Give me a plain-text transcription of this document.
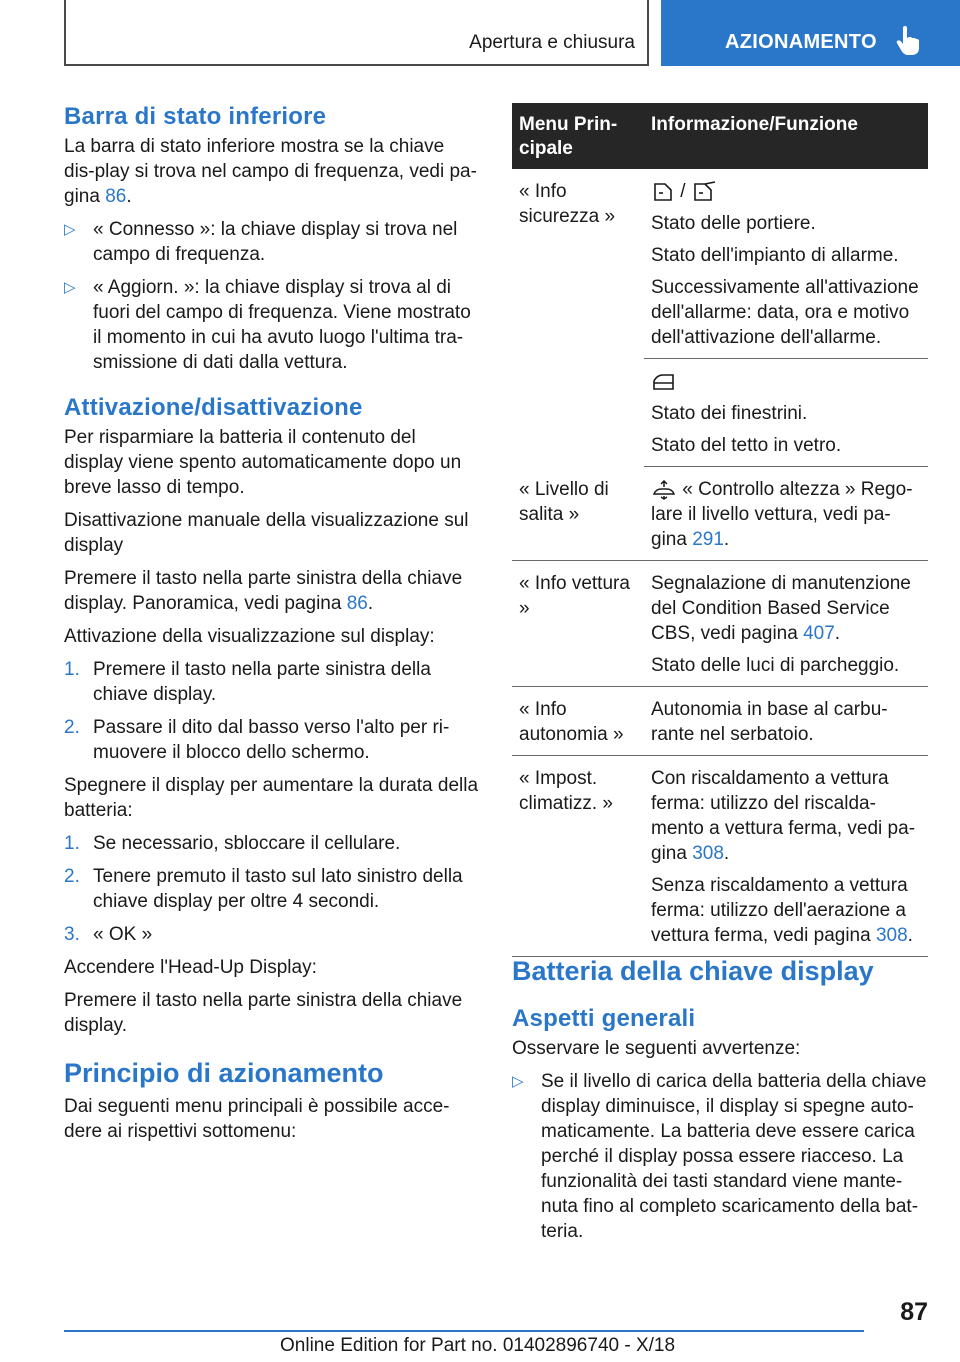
Apertura e chiusura	AZIONAMENTO
Barra di stato inferiore

La barra di stato inferiore mostra se la chiave dis-play si trova nel campo di frequenza, vedi pa-gina 86.

▷ « Connesso »: la chiave display si trova nel campo di frequenza.
▷ « Aggiorn. »: la chiave display si trova al di fuori del campo di frequenza. Viene mostrato il momento in cui ha avuto luogo l'ultima tra-smissione di dati dalla vettura.
Attivazione/disattivazione

Per risparmiare la batteria il contenuto del display viene spento automaticamente dopo un breve lasso di tempo.

Disattivazione manuale della visualizzazione sul display

Premere il tasto nella parte sinistra della chiave display. Panoramica, vedi pagina 86.

Attivazione della visualizzazione sul display:

1. Premere il tasto nella parte sinistra della chiave display.
2. Passare il dito dal basso verso l'alto per ri-muovere il blocco dello schermo.

Spegnere il display per aumentare la durata della batteria:

1. Se necessario, sbloccare il cellulare.
2. Tenere premuto il tasto sul lato sinistro della chiave display per oltre 4 secondi.
3. « OK »

Accendere l'Head-Up Display:

Premere il tasto nella parte sinistra della chiave display.

Principio di azionamento

Dai seguenti menu principali è possibile acce-dere ai rispettivi sottomenu:

Menu Prin-cipale	Informazione/Funzione
« Info sicurezza »	/

Stato delle portiere.

Stato dell'impianto di allarme.

Successivamente all'attivazione dell'allarme: data, ora e motivo dell'attivazione dell'allarme.

	Stato dei finestrini.

Stato del tetto in vetro.

« Livello di salita »	« Controllo altezza » Rego-lare il livello vettura, vedi pa-gina 291.

« Info vettura »	Segnalazione di manutenzione del Condition Based Service CBS, vedi pagina 407.

Stato delle luci di parcheggio.

« Info autonomia »	Autonomia in base al carbu-rante nel serbatoio.

« Impost. climatizz. »	Con riscaldamento a vettura ferma: utilizzo del riscalda-mento a vettura ferma, vedi pa-gina 308.

Senza riscaldamento a vettura ferma: utilizzo dell'aerazione a vettura ferma, vedi pagina 308.

Batteria della chiave display
Aspetti generali

Osservare le seguenti avvertenze:

▷ Se il livello di carica della batteria della chiave display diminuisce, il display si spegne auto-maticamente. La batteria deve essere carica perché il display possa essere riacceso. La funzionalità dei tasti standard viene mante-nuta fino al completo scaricamento della bat-teria.
87
Online Edition for Part no. 01402896740 - X/18
